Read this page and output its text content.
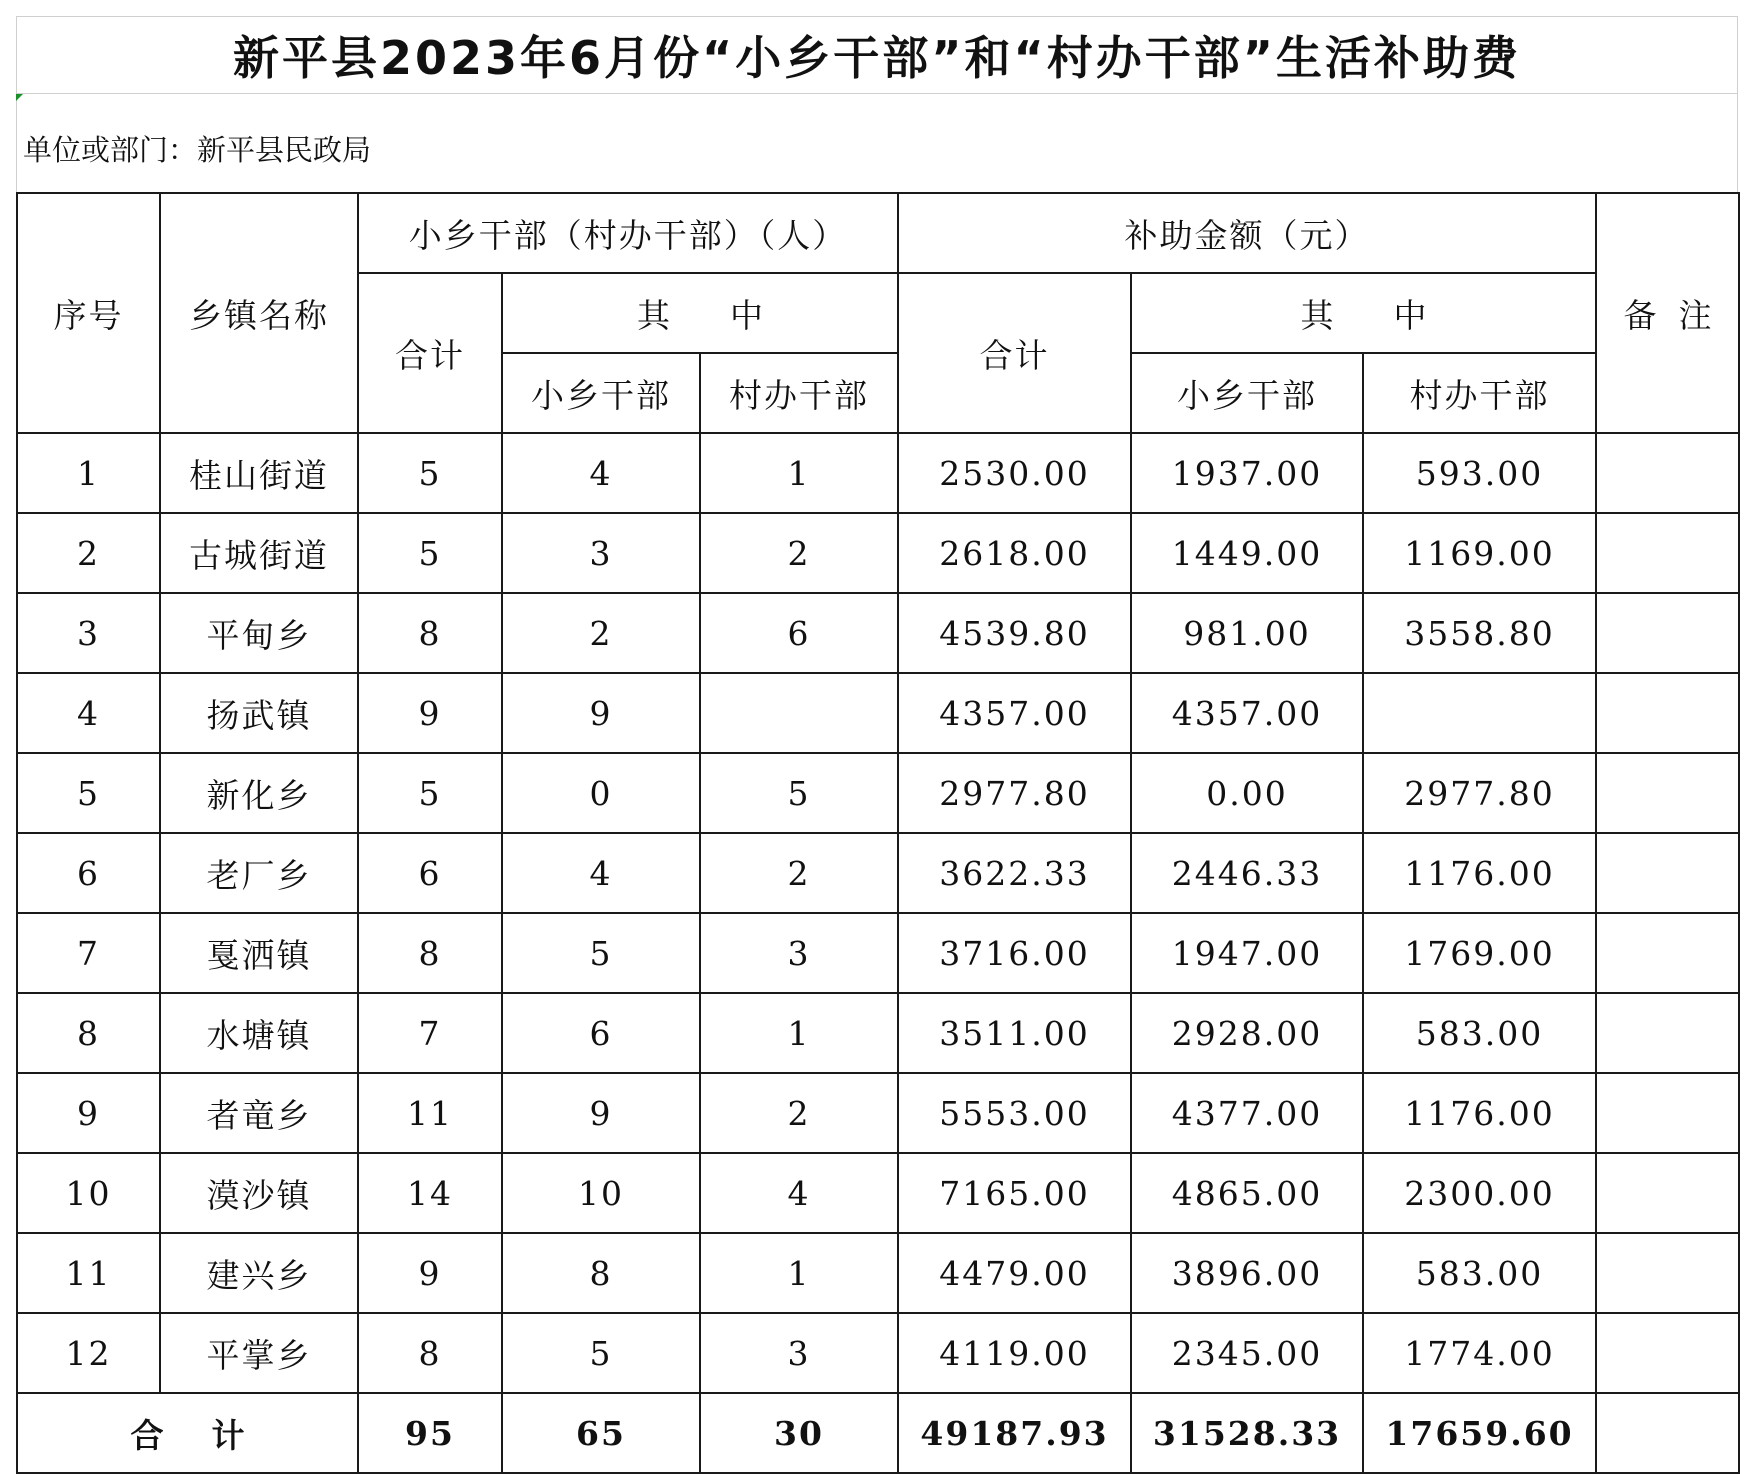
新平县2023年6月份“小乡干部”和“村办干部”生活补助费
单位或部门：新平县民政局
序号	乡镇名称	小乡干部（村办干部）（人）			补助金额（元）			备注
		合计	其中		合计	其中		
			小乡干部	村办干部		小乡干部	村办干部	
1	桂山街道	5	4	1	2530.00	1937.00	593.00	
2	古城街道	5	3	2	2618.00	1449.00	1169.00	
3	平甸乡	8	2	6	4539.80	981.00	3558.80	
4	扬武镇	9	9		4357.00	4357.00		
5	新化乡	5	0	5	2977.80	0.00	2977.80	
6	老厂乡	6	4	2	3622.33	2446.33	1176.00	
7	戛洒镇	8	5	3	3716.00	1947.00	1769.00	
8	水塘镇	7	6	1	3511.00	2928.00	583.00	
9	者竜乡	11	9	2	5553.00	4377.00	1176.00	
10	漠沙镇	14	10	4	7165.00	4865.00	2300.00	
11	建兴乡	9	8	1	4479.00	3896.00	583.00	
12	平掌乡	8	5	3	4119.00	2345.00	1774.00	
合计		95	65	30	49187.93	31528.33	17659.60	
